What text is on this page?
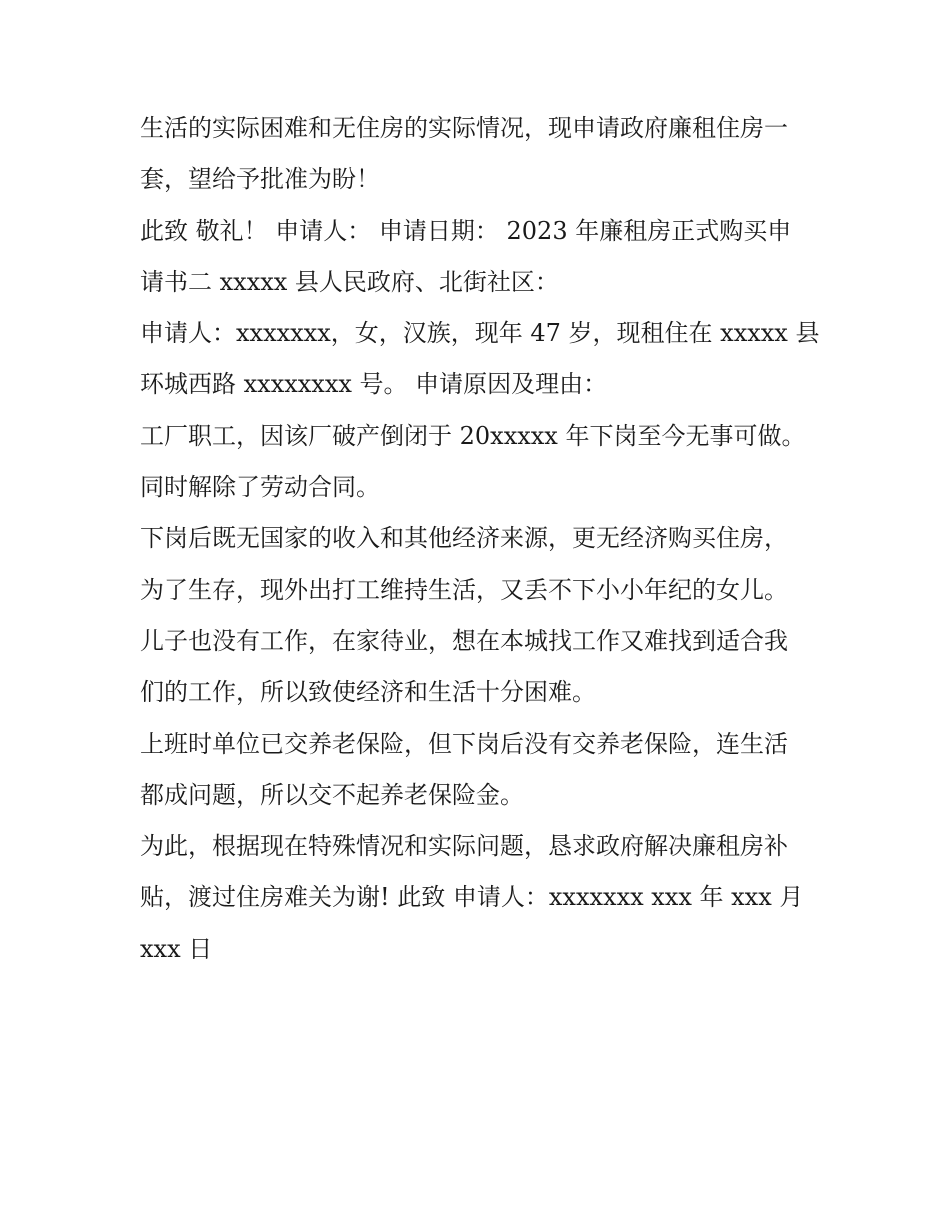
生活的实际困难和无住房的实际情况，现申请政府廉租住房一
套，望给予批准为盼！
此致 敬礼！ 申请人： 申请日期： 2023 年廉租房正式购买申
请书二 xxxxx 县人民政府、北街社区：
申请人：xxxxxxx，女，汉族，现年 47 岁，现租住在 xxxxx 县
环城西路 xxxxxxxx 号。 申请原因及理由：
工厂职工，因该厂破产倒闭于 20xxxxx 年下岗至今无事可做。
同时解除了劳动合同。
下岗后既无国家的收入和其他经济来源，更无经济购买住房，
为了生存，现外出打工维持生活，又丢不下小小年纪的女儿。
儿子也没有工作，在家待业，想在本城找工作又难找到适合我
们的工作，所以致使经济和生活十分困难。
上班时单位已交养老保险，但下岗后没有交养老保险，连生活
都成问题，所以交不起养老保险金。
为此，根据现在特殊情况和实际问题，恳求政府解决廉租房补
贴，渡过住房难关为谢! 此致 申请人：xxxxxxx xxx 年 xxx 月
xxx 日
